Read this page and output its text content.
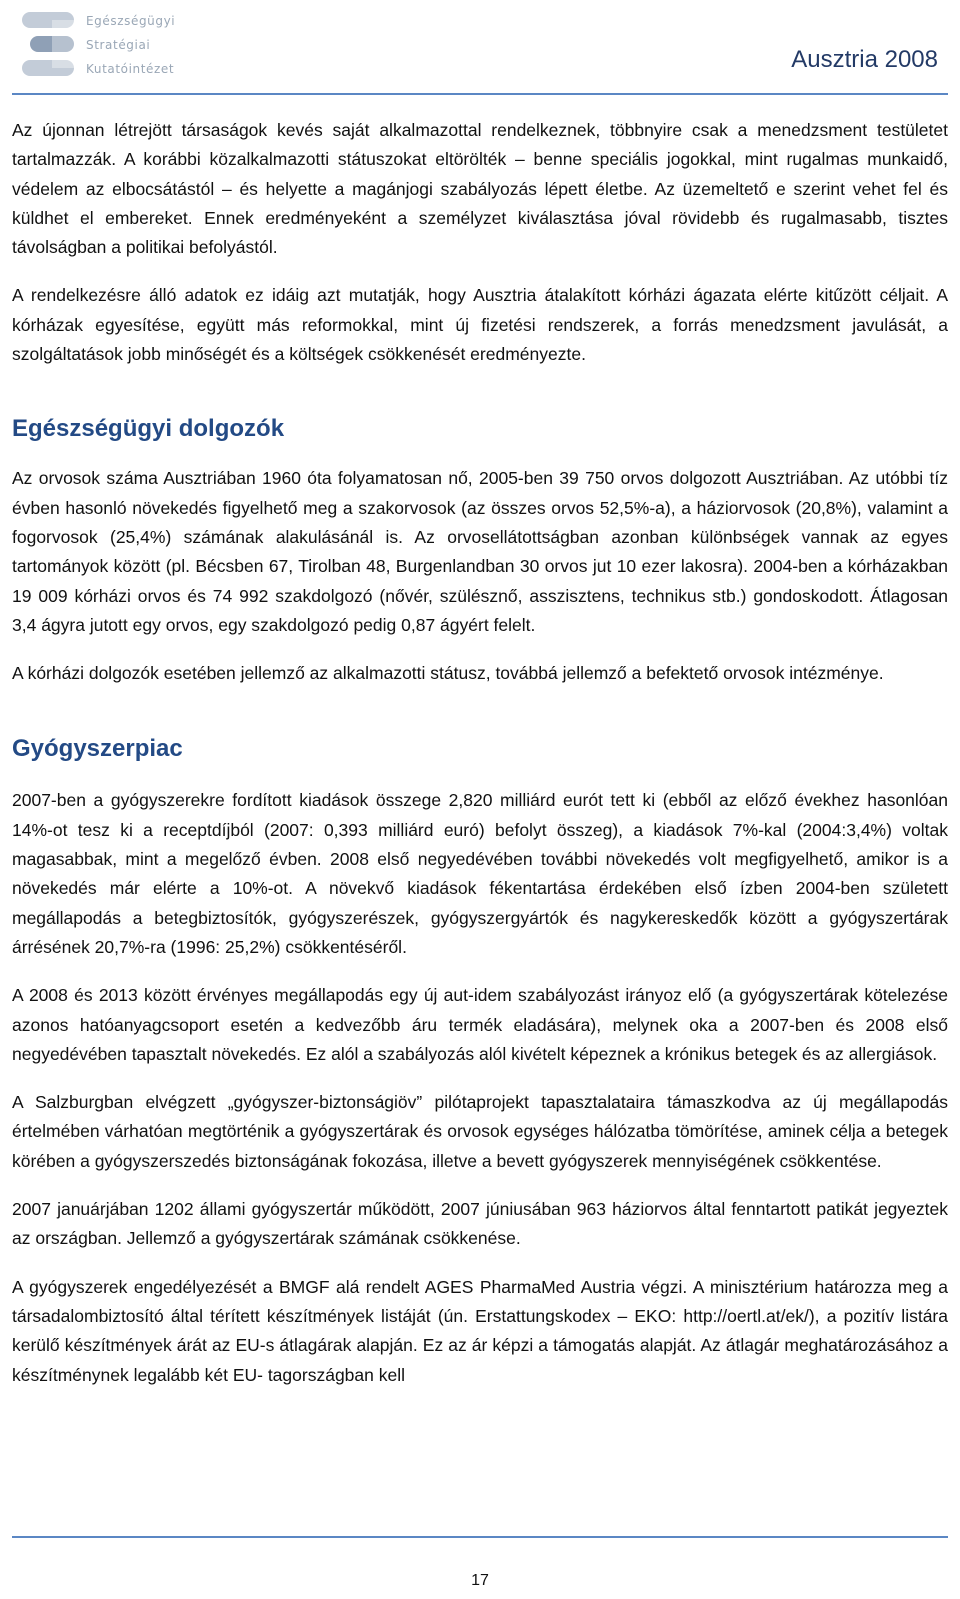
Egészségügyi
Stratégiai
Kutatóintézet	Ausztria 2008

Az újonnan létrejött társaságok kevés saját alkalmazottal rendelkeznek, többnyire csak a menedzsment testületet tartalmazzák. A korábbi közalkalmazotti státuszokat eltörölték – benne speciális jogokkal, mint rugalmas munkaidő, védelem az elbocsátástól – és helyette a magánjogi szabályozás lépett életbe. Az üzemeltető e szerint vehet fel és küldhet el embereket. Ennek eredményeként a személyzet kiválasztása jóval rövidebb és rugalmasabb, tisztes távolságban a politikai befolyástól.

A rendelkezésre álló adatok ez idáig azt mutatják, hogy Ausztria átalakított kórházi ágazata elérte kitűzött céljait. A kórházak egyesítése, együtt más reformokkal, mint új fizetési rendszerek, a forrás menedzsment javulását, a szolgáltatások jobb minőségét és a költségek csökkenését eredményezte.

Egészségügyi dolgozók

Az orvosok száma Ausztriában 1960 óta folyamatosan nő, 2005-ben 39 750 orvos dolgozott Ausztriában. Az utóbbi tíz évben hasonló növekedés figyelhető meg a szakorvosok (az összes orvos 52,5%-a), a háziorvosok (20,8%), valamint a fogorvosok (25,4%) számának alakulásánál is. Az orvosellátottságban azonban különbségek vannak az egyes tartományok között (pl. Bécsben 67, Tirolban 48, Burgenlandban 30 orvos jut 10 ezer lakosra). 2004-ben a kórházakban 19 009 kórházi orvos és 74 992 szakdolgozó (nővér, szülésznő, asszisztens, technikus stb.) gondoskodott. Átlagosan 3,4 ágyra jutott egy orvos, egy szakdolgozó pedig 0,87 ágyért felelt.

A kórházi dolgozók esetében jellemző az alkalmazotti státusz, továbbá jellemző a befektető orvosok intézménye.

Gyógyszerpiac

2007-ben a gyógyszerekre fordított kiadások összege 2,820 milliárd eurót tett ki (ebből az előző évekhez hasonlóan 14%-ot tesz ki a receptdíjból (2007: 0,393 milliárd euró) befolyt összeg), a kiadások 7%-kal (2004:3,4%) voltak magasabbak, mint a megelőző évben. 2008 első negyedévében további növekedés volt megfigyelhető, amikor is a növekedés már elérte a 10%-ot. A növekvő kiadások fékentartása érdekében első ízben 2004-ben született megállapodás a betegbiztosítók, gyógyszerészek, gyógyszergyártók és nagykereskedők között a gyógyszertárak árrésének 20,7%-ra (1996: 25,2%) csökkentéséről.

A 2008 és 2013 között érvényes megállapodás egy új aut-idem szabályozást irányoz elő (a gyógyszertárak kötelezése azonos hatóanyagcsoport esetén a kedvezőbb áru termék eladására), melynek oka a 2007-ben és 2008 első negyedévében tapasztalt növekedés. Ez alól a szabályozás alól kivételt képeznek a krónikus betegek és az allergiások.

A Salzburgban elvégzett „gyógyszer-biztonságiöv” pilótaprojekt tapasztalataira támaszkodva az új megállapodás értelmében várhatóan megtörténik a gyógyszertárak és orvosok egységes hálózatba tömörítése, aminek célja a betegek körében a gyógyszerszedés biztonságának fokozása, illetve a bevett gyógyszerek mennyiségének csökkentése.

2007 januárjában 1202 állami gyógyszertár működött, 2007 júniusában 963 háziorvos által fenntartott patikát jegyeztek az országban. Jellemző a gyógyszertárak számának csökkenése.

A gyógyszerek engedélyezését a BMGF alá rendelt AGES PharmaMed Austria végzi. A minisztérium határozza meg a társadalombiztosító által térített készítmények listáját (ún. Erstattungskodex – EKO: http://oertl.at/ek/), a pozitív listára kerülő készítmények árát az EU-s átlagárak alapján. Ez az ár képzi a támogatás alapját. Az átlagár meghatározásához a készítménynek legalább két EU- tagországban kell

17
